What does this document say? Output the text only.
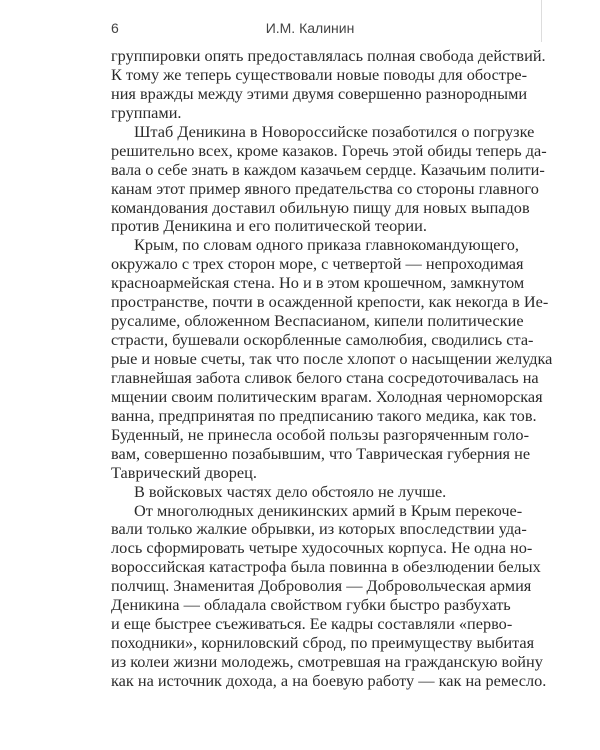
6	И.М. Калинин
группировки опять предоставлялась полная свобода действий.
К тому же теперь существовали новые поводы для обостре-
ния вражды между этими двумя совершенно разнородными
группами.
Штаб Деникина в Новороссийске позаботился о погрузке
решительно всех, кроме казаков. Горечь этой обиды теперь да-
вала о себе знать в каждом казачьем сердце. Казачьим полити-
канам этот пример явного предательства со стороны главного
командования доставил обильную пищу для новых выпадов
против Деникина и его политической теории.
Крым, по словам одного приказа главнокомандующего,
окружало с трех сторон море, с четвертой — непроходимая
красноармейская стена. Но и в этом крошечном, замкнутом
пространстве, почти в осажденной крепости, как некогда в Ие-
русалиме, обложенном Веспасианом, кипели политические
страсти, бушевали оскорбленные самолюбия, сводились ста-
рые и новые счеты, так что после хлопот о насыщении желудка
главнейшая забота сливок белого стана сосредоточивалась на
мщении своим политическим врагам. Холодная черноморская
ванна, предпринятая по предписанию такого медика, как тов.
Буденный, не принесла особой пользы разгоряченным голо-
вам, совершенно позабывшим, что Таврическая губерния не
Таврический дворец.
В войсковых частях дело обстояло не лучше.
От многолюдных деникинских армий в Крым перекоче-
вали только жалкие обрывки, из которых впоследствии уда-
лось сформировать четыре худосочных корпуса. Не одна но-
вороссийская катастрофа была повинна в обезлюдении белых
полчищ. Знаменитая Доброволия — Добровольческая армия
Деникина — обладала свойством губки быстро разбухать
и еще быстрее съеживаться. Ее кадры составляли «перво-
походники», корниловский сброд, по преимуществу выбитая
из колеи жизни молодежь, смотревшая на гражданскую войну
как на источник дохода, а на боевую работу — как на ремесло.
